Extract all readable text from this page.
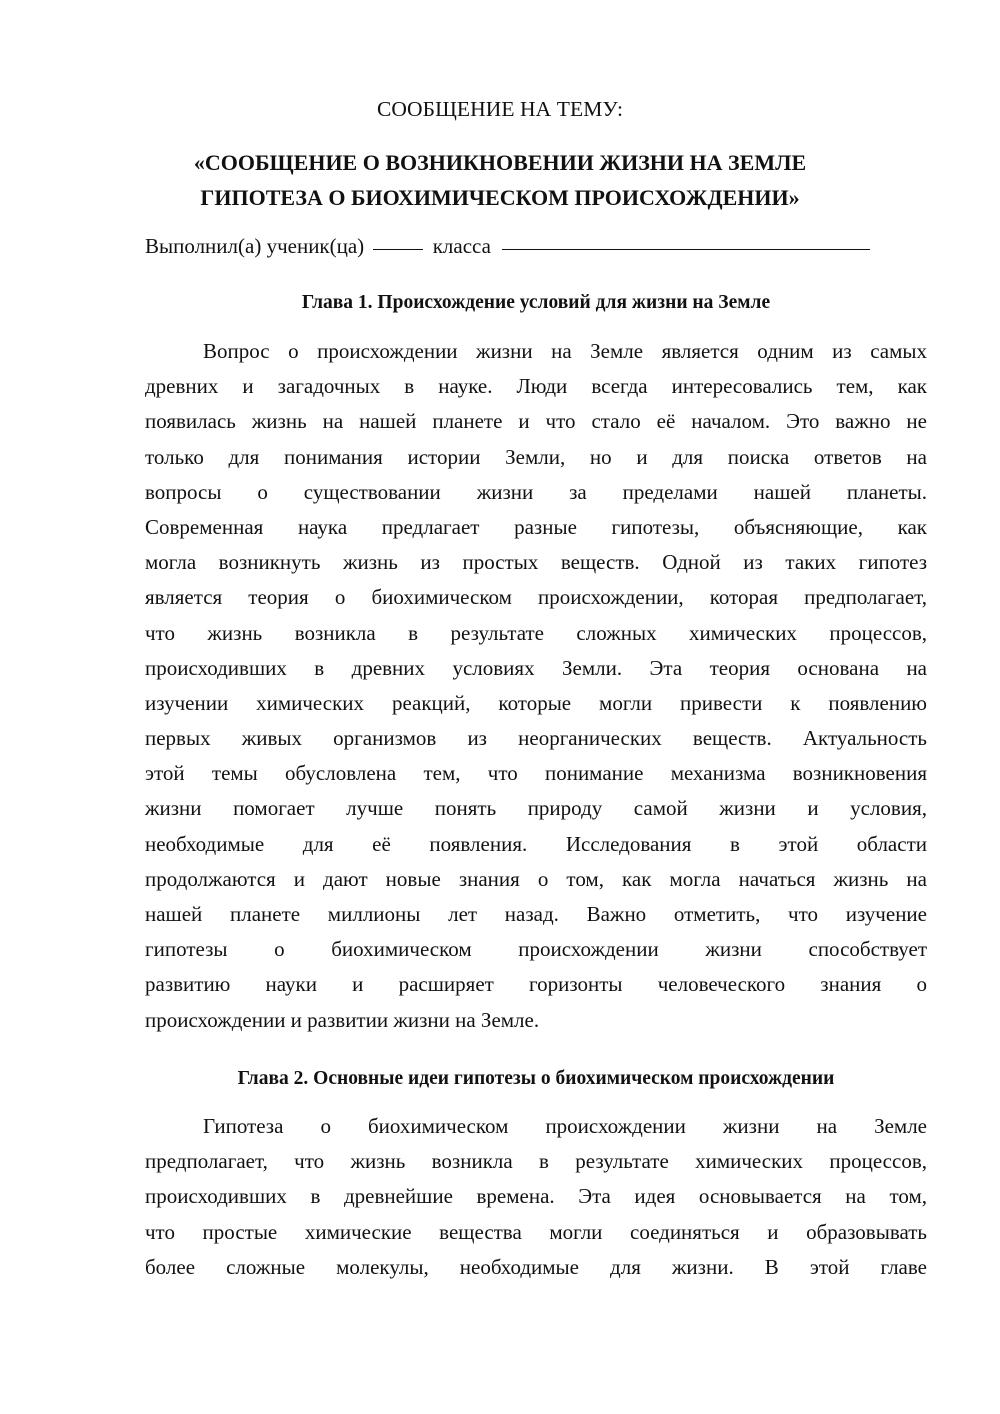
СООБЩЕНИЕ НА ТЕМУ:
«СООБЩЕНИЕ О ВОЗНИКНОВЕНИИ ЖИЗНИ НА ЗЕМЛЕ
ГИПОТЕЗА О БИОХИМИЧЕСКОМ ПРОИСХОЖДЕНИИ»
Выполнил(а) ученик(ца)	класса
Глава 1. Происхождение условий для жизни на Земле
Вопрос о происхождении жизни на Земле является одним из самых
древних и загадочных в науке. Люди всегда интересовались тем, как
появилась жизнь на нашей планете и что стало её началом. Это важно не
только для понимания истории Земли, но и для поиска ответов на
вопросы о существовании жизни за пределами нашей планеты.
Современная наука предлагает разные гипотезы, объясняющие, как
могла возникнуть жизнь из простых веществ. Одной из таких гипотез
является теория о биохимическом происхождении, которая предполагает,
что жизнь возникла в результате сложных химических процессов,
происходивших в древних условиях Земли. Эта теория основана на
изучении химических реакций, которые могли привести к появлению
первых живых организмов из неорганических веществ. Актуальность
этой темы обусловлена тем, что понимание механизма возникновения
жизни помогает лучше понять природу самой жизни и условия,
необходимые для её появления. Исследования в этой области
продолжаются и дают новые знания о том, как могла начаться жизнь на
нашей планете миллионы лет назад. Важно отметить, что изучение
гипотезы о биохимическом происхождении жизни способствует
развитию науки и расширяет горизонты человеческого знания о
происхождении и развитии жизни на Земле.
Глава 2. Основные идеи гипотезы о биохимическом происхождении
Гипотеза о биохимическом происхождении жизни на Земле
предполагает, что жизнь возникла в результате химических процессов,
происходивших в древнейшие времена. Эта идея основывается на том,
что простые химические вещества могли соединяться и образовывать
более сложные молекулы, необходимые для жизни. В этой главе
